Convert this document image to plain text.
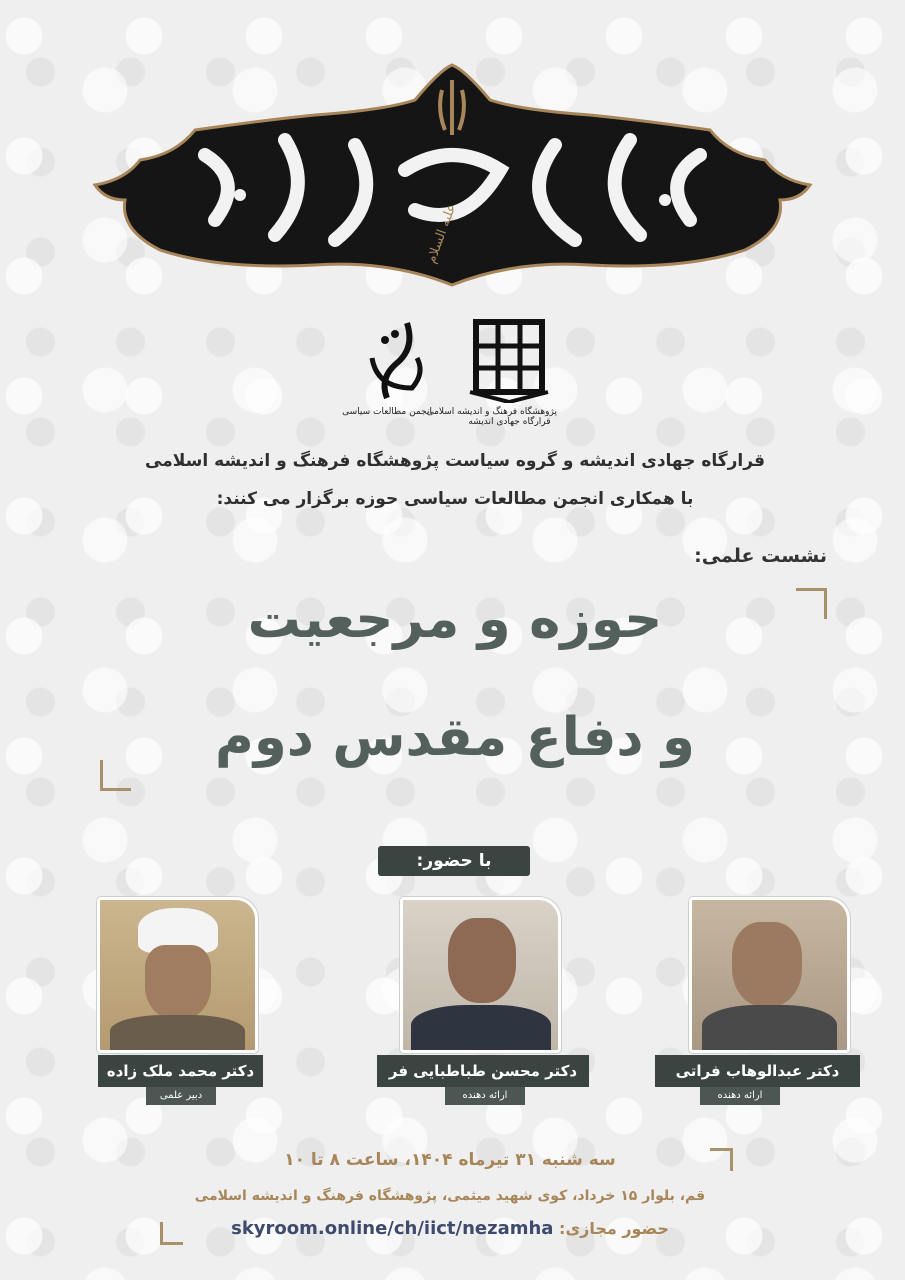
علیه السلام
پژوهشگاه فرهنگ و اندیشه اسلامی
قرارگاه جهادی اندیشه
انجمن مطالعات سیاسی
قرارگاه جهادی اندیشه و گروه سیاست پژوهشگاه فرهنگ و اندیشه اسلامی
با همکاری انجمن مطالعات سیاسی حوزه برگزار می کنند:
نشست علمی:
حوزه و مرجعیت
و دفاع مقدس دوم
با حضور:
دکتر عبدالوهاب فراتی
ارائه دهنده
دکتر محسن طباطبایی فر
ارائه دهنده
دکتر محمد ملک زاده
دبیر علمی
سه شنبه ۳۱ تیرماه ۱۴۰۴، ساعت ۸ تا ۱۰
قم، بلوار ۱۵ خرداد، کوی شهید میثمی، پژوهشگاه فرهنگ و اندیشه اسلامی
حضور مجازی: skyroom.online/ch/iict/nezamha
